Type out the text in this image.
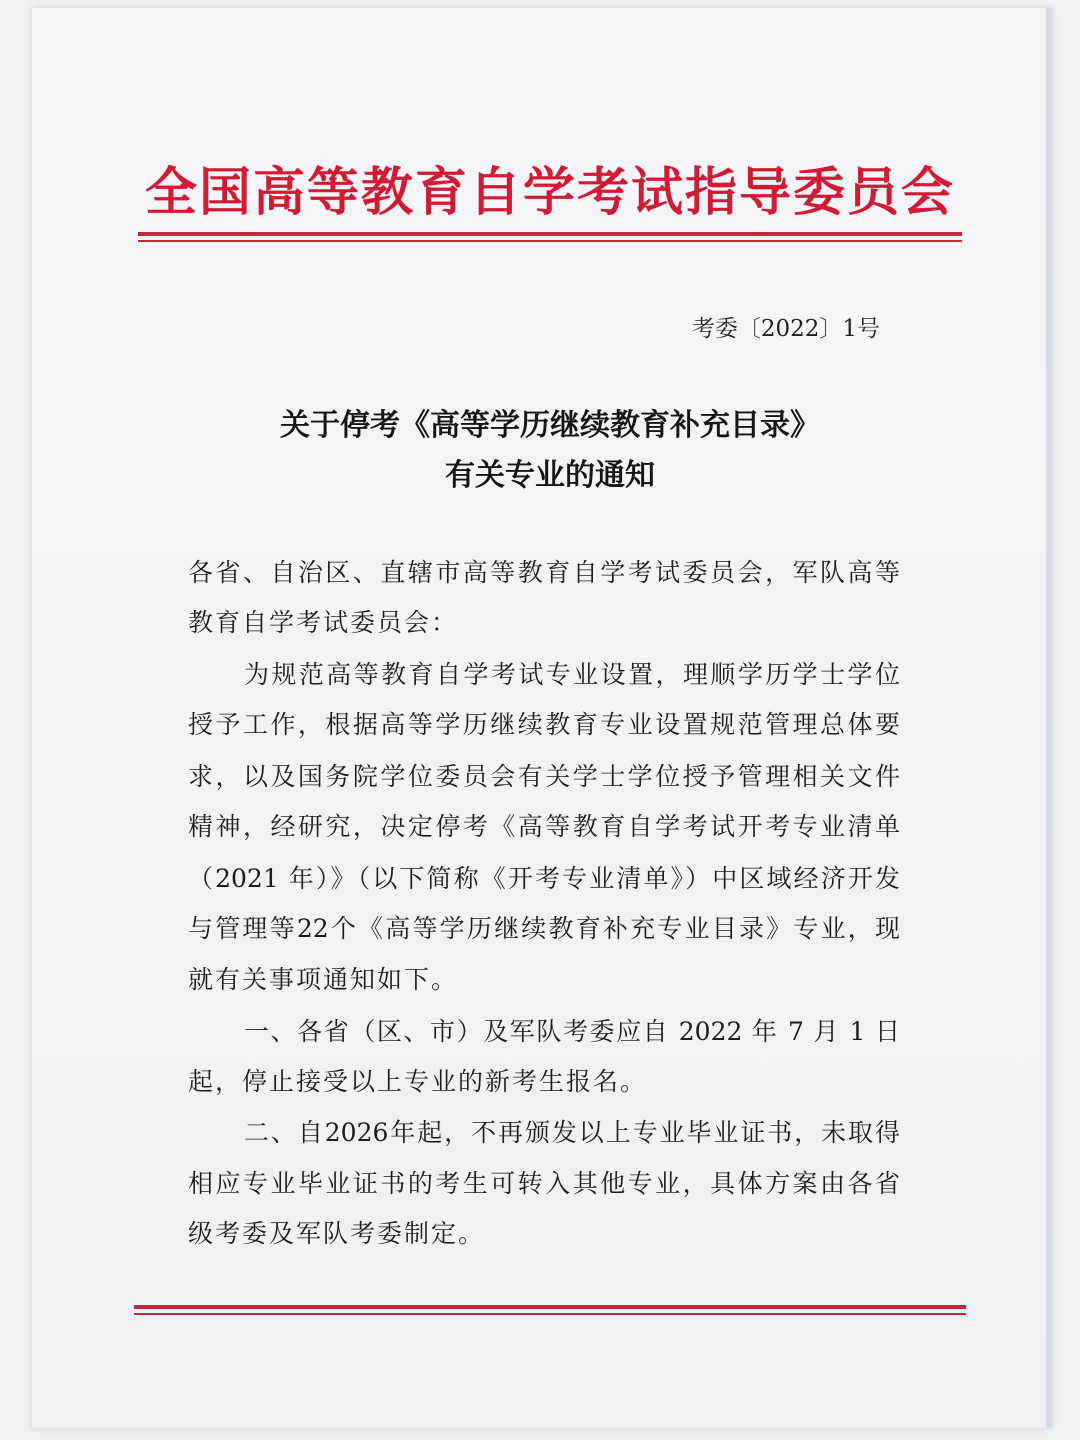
全国高等教育自学考试指导委员会
考委〔2022〕1号
关于停考《高等学历继续教育补充目录》
有关专业的通知
各省、自治区、直辖市高等教育自学考试委员会，军队高等
教育自学考试委员会：
为规范高等教育自学考试专业设置，理顺学历学士学位
授予工作，根据高等学历继续教育专业设置规范管理总体要
求，以及国务院学位委员会有关学士学位授予管理相关文件
精神，经研究，决定停考《高等教育自学考试开考专业清单
（2021 年）》（以下简称《开考专业清单》）中区域经济开发
与管理等22个《高等学历继续教育补充专业目录》专业，现
就有关事项通知如下。
一、各省（区、市）及军队考委应自 2022 年 7 月 1 日
起，停止接受以上专业的新考生报名。
二、自2026年起，不再颁发以上专业毕业证书，未取得
相应专业毕业证书的考生可转入其他专业，具体方案由各省
级考委及军队考委制定。
